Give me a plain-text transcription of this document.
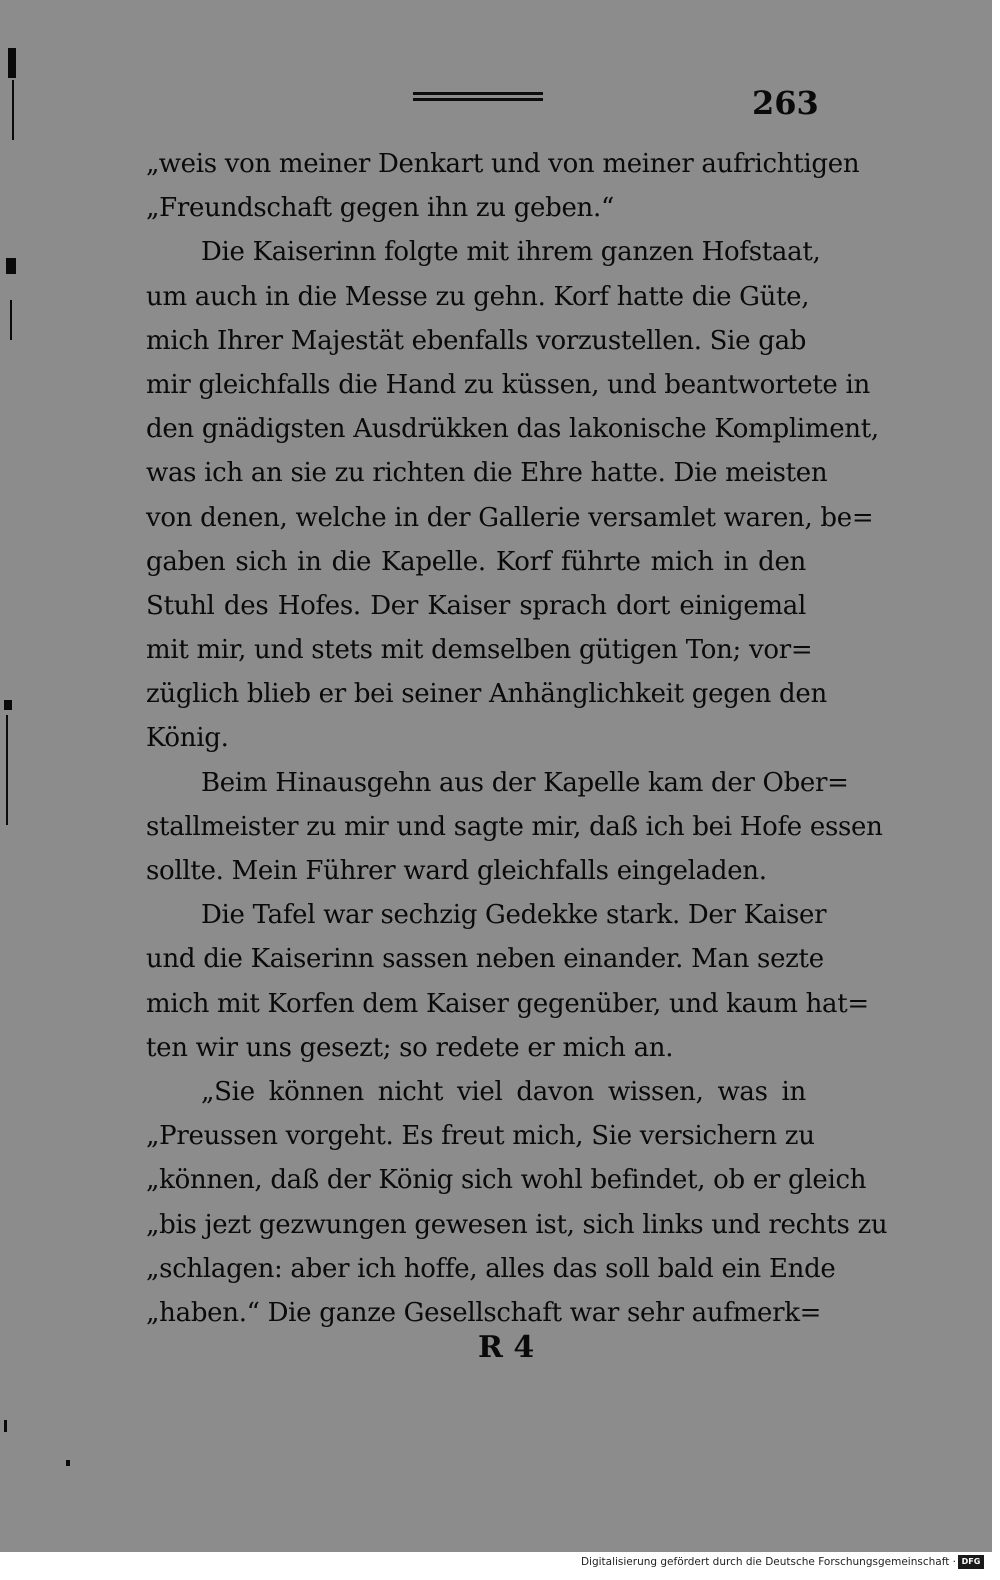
263
„weis von meiner Denkart und von meiner aufrichtigen
„Freundschaft gegen ihn zu geben.“
Die Kaiserinn folgte mit ihrem ganzen Hofstaat,
um auch in die Messe zu gehn. Korf hatte die Güte,
mich Ihrer Majestät ebenfalls vorzustellen. Sie gab
mir gleichfalls die Hand zu küssen, und beantwortete in
den gnädigsten Ausdrükken das lakonische Kompliment,
was ich an sie zu richten die Ehre hatte. Die meisten
von denen, welche in der Gallerie versamlet waren, be=
gaben sich in die Kapelle. Korf führte mich in den
Stuhl des Hofes. Der Kaiser sprach dort einigemal
mit mir, und stets mit demselben gütigen Ton; vor=
züglich blieb er bei seiner Anhänglichkeit gegen den
König.
Beim Hinausgehn aus der Kapelle kam der Ober=
stallmeister zu mir und sagte mir, daß ich bei Hofe essen
sollte. Mein Führer ward gleichfalls eingeladen.
Die Tafel war sechzig Gedekke stark. Der Kaiser
und die Kaiserinn sassen neben einander. Man sezte
mich mit Korfen dem Kaiser gegenüber, und kaum hat=
ten wir uns gesezt; so redete er mich an.
„Sie können nicht viel davon wissen, was in
„Preussen vorgeht. Es freut mich, Sie versichern zu
„können, daß der König sich wohl befindet, ob er gleich
„bis jezt gezwungen gewesen ist, sich links und rechts zu
„schlagen: aber ich hoffe, alles das soll bald ein Ende
„haben.“ Die ganze Gesellschaft war sehr aufmerk=
R 4
Digitalisierung gefördert durch die Deutsche Forschungsgemeinschaft · DFG
